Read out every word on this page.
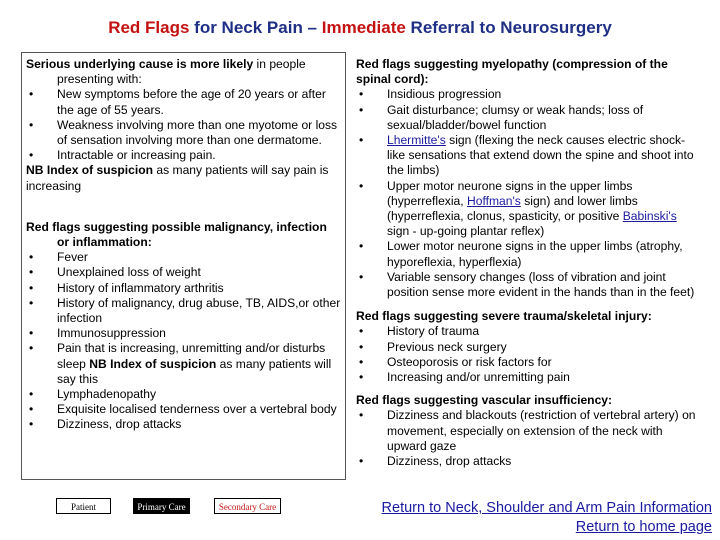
Red Flags for Neck Pain – Immediate Referral to Neurosurgery

Serious underlying cause is more likely in people presenting with:

• New symptoms before the age of 20 years or after the age of 55 years.
• Weakness involving more than one myotome or loss of sensation involving more than one dermatome.
• Intractable or increasing pain.

NB Index of suspicion as many patients will say pain is increasing

Red flags suggesting possible malignancy, infection or inflammation:

• Fever
• Unexplained loss of weight
• History of inflammatory arthritis
• History of malignancy, drug abuse, TB, AIDS,or other infection
• Immunosuppression
• Pain that is increasing, unremitting and/or disturbs sleep NB Index of suspicion as many patients will say this
• Lymphadenopathy
• Exquisite localised tenderness over a vertebral body
• Dizziness, drop attacks

Red flags suggesting myelopathy (compression of the spinal cord):

• Insidious progression
• Gait disturbance; clumsy or weak hands; loss of sexual/bladder/bowel function
• Lhermitte's sign (flexing the neck causes electric shock-like sensations that extend down the spine and shoot into the limbs)
• Upper motor neurone signs in the upper limbs (hyperreflexia, Hoffman's sign) and lower limbs (hyperreflexia, clonus, spasticity, or positive Babinski's sign - up-going plantar reflex)
• Lower motor neurone signs in the upper limbs (atrophy, hyporeflexia, hyperflexia)
• Variable sensory changes (loss of vibration and joint position sense more evident in the hands than in the feet)

Red flags suggesting severe trauma/skeletal injury:

• History of trauma
• Previous neck surgery
• Osteoporosis or risk factors for
• Increasing and/or unremitting pain

Red flags suggesting vascular insufficiency:

• Dizziness and blackouts (restriction of vertebral artery) on movement, especially on extension of the neck with upward gaze
• Dizziness, drop attacks
Patient	Primary Care	Secondary Care	Return to Neck, Shoulder and Arm Pain Information
Return to home page
